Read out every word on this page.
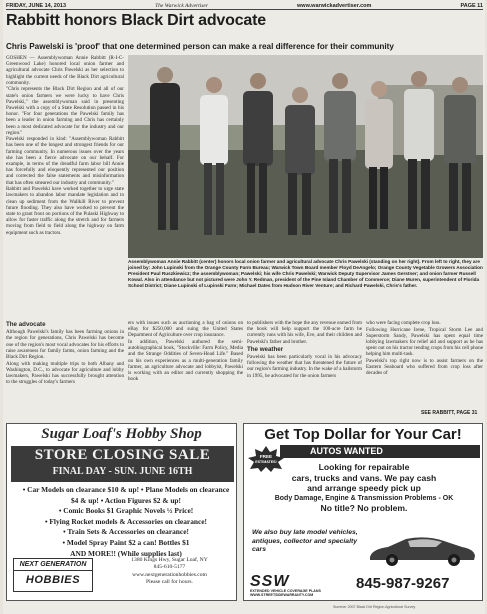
FRIDAY, JUNE 14, 2013	The Warwick Advertiser	www.warwickadvertiser.com	PAGE 11
Rabbitt honors Black Dirt advocate
Chris Pawelski is 'proof' that one determined person can make a real difference for their community

GOSHEN — Assemblywoman Annie Rabbitt (R-I-C-Greenwood Lake) honored local onion farmer and agricultural advocate Chris Pawelski as her selection to highlight the current needs of the Black Dirt agricultural community.

"Chris represents the Black Dirt Region and all of our state's onion farmers we were lucky to have Chris Pawelski," the assemblywoman said in presenting Pawelski with a copy of a State Resolution passed in his honor. "For four generations the Pawelski family has been a leader in onion farming and Chris has certainly been a most dedicated advocate for the industry and our region."

Pawelski responded in kind: "Assemblywoman Rabbitt has been one of the longest and strongest friends for our farming community. In numerous issues over the years she has been a fierce advocate on our behalf. For example, in terms of the dreadful farm labor bill Annie has forcefully and eloquently represented our position and corrected the false statements and misinformation that has often smeared our industry and community."

Rabbitt and Pawelski have worked together to urge state lawmakers to abandon labor mandate legislation and to clean up sediment from the Wallkill River to prevent future flooding. They also have worked to prevent the state to grant front on portions of the Pulaski Highway to allow for faster traffic along the stretch and for farmers moving from field to field along the highway on farm equipment such as tractors.

Assemblywoman Annie Rabbitt (center) honors local onion farmer and agricultural advocate Chris Pawelski (standing on her right). From left to right, they are joined by: John Lupinski from the Orange County Farm Bureau; Warwick Town Board member Floyd DeAngelo; Orange County Vegetable Growers Association President Paul Ruszkiewicz; the assemblywoman; Pawelski; his wife Chris Pawelski; Warwick Deputy Supervisor James Gerstner; and onion farmer Russell Kowal. Also in attendance but not pictured were John Y. Redman, president of the Pine Island Chamber of Commerce; Diane Muren, superintendent of Florida School District; Diane Lupinski of Lupinski Farm; Michael Dates from Hudson River Venture; and Richard Pawelski, Chris's father.
The advocate

Although Pawelski's family has been farming onions in the region for generations, Chris Pawelski has become one of the region's most vocal advocates for his efforts to raise awareness for family farms, onion farming and the Black Dirt Region.

Along with making multiple trips to both Albany and Washington, D.C., to advocate for agriculture and lobby lawmakers, Pawelski has successfully brought attention to the struggles of today's farmers

ers with issues such as auctioning a bag of onions on eBay for $250,000 and suing the United States Department of Agriculture over crop insurance.

In addition, Pawelski authored the semi-autobiographical book, "Stockville: Farm Policy, Media and the Strange Oddities of Seven-Head Life." Based on his own experiences as a multi-generation family farmer, an agriculture advocate and lobbyist, Pawelski is working with an editor and currently shopping the book

to publishers with the hope the any revenue earned from the book will help support the 100-acre farm he currently runs with his wife, Eve, and their children and Pawelski's father and brother.

The weather

Pawelski has been particularly vocal in his advocacy following the weather that has threatened the future of our region's farming industry. In the wake of a hailstorm in 1995, he advocated for the onion farmers

who were facing complete crop loss.

Following Hurricane Irene, Tropical Storm Lee and Superstorm Sandy, Pawelski has spent equal time lobbying lawmakers for relief aid and support as he has spent out on his tractor tending crops from his cell phone helping him multi-task.

Pawelski's top right now is to assist farmers on the Eastern Seaboard who suffered from crop loss after decades of

SEE RABBITT, PAGE 31
Sugar Loaf's Hobby Shop
STORE CLOSING SALE
FINAL DAY - SUN. JUNE 16TH
• Car Models on clearance $10 & up! • Plane Models on clearance $4 & up! • Action Figures $2 & up!
• Comic Books $1 Graphic Novels ½ Price!
• Flying Rocket models & Accessories on clearance!
• Train Sets & Accessories on clearance!
• Model Spray Paint $2 a can! Bottles $1
AND MORE!! (While supplies last)
NEXT GENERATION
HOBBIES
1380 Kings Hwy, Sugar Loaf, NY
845-610-5177
www.nextgenerationhobbies.com
Please call for hours.
Get Top Dollar for Your Car!
FREE
ESTIMATES!
AUTOS WANTED
Looking for repairable
cars, trucks and vans. We pay cash
and arrange speedy pick up
Body Damage, Engine & Transmission Problems - OK
No title? No problem.
We also buy late model vehicles, antiques, collector and specialty cars
SSW
EXTENDED VEHICLE COVERAGE PLANS WWW.STREETSIDEWARRANTY.COM
845-987-9267
Summer 2007 Black Dirt Region Agricultural Survey
